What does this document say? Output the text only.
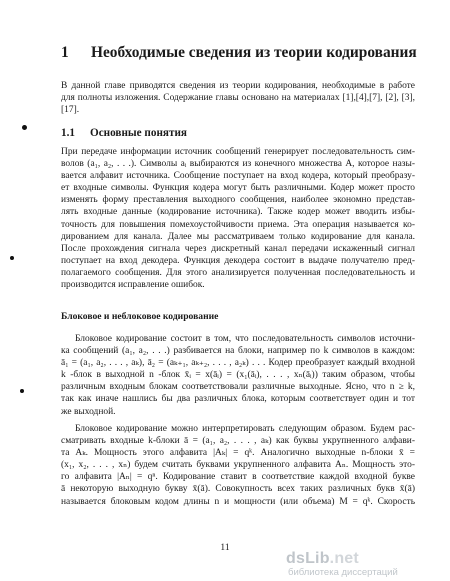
1 Необходимые сведения из теории кодирования
В данной главе приводятся сведения из теории кодирования, необходимые в работе
для полноты изложения. Содержание главы основано на материалах [1],[4],[7], [2], [3],
[17].
1.1 Основные понятия
При передаче информации источник сообщений генерирует последовательность сим-
волов (a₁, a₂, . . .). Символы aᵢ выбираются из конечного множества A, которое назы-
вается алфавит источника. Сообщение поступает на вход кодера, который преобразу-
ет входные символы. Функция кодера могут быть различными. Кодер может просто
изменять форму преставления выходного сообщения, наиболее экономно представ-
лять входные данные (кодирование источника). Также кодер может вводить избы-
точность для повышения помехоустойчивости приема. Эта операция называется ко-
дированием для канала. Далее мы рассматриваем только кодирование для канала.
После прохождения сигнала через дискретный канал передачи искаженный сигнал
поступает на вход декодера. Функция декодера состоит в выдаче получателю пред-
полагаемого сообщения. Для этого анализируется полученная последовательность и
производится исправление ошибок.
Блоковое и неблоковое кодирование
Блоковое кодирование состоит в том, что последовательность символов источни-
ка сообщений (a₁, a₂, . . .) разбивается на блоки, например по k символов в каждом:
ā₁ = (a₁, a₂, . . . , aₖ), ā₂ = (aₖ₊₁, aₖ₊₂, . . . , a₂ₖ) . . . Кодер преобразует каждый входной
k -блок в выходной n -блок x̄ᵢ = x(āᵢ) = (x₁(āᵢ), . . . , xₙ(āᵢ)) таким образом, чтобы
различным входным блокам соответствовали различные выходные. Ясно, что n ≥ k,
так как иначе нашлись бы два различных блока, которым соответствует один и тот
же выходной.
Блоковое кодирование можно интерпретировать следующим образом. Будем рас-
сматривать входные k-блоки ā = (a₁, a₂, . . . , aₖ) как буквы укрупненного алфави-
та Aₖ. Мощность этого алфавита |Aₖ| = qᵏ. Аналогично выходные n-блоки x̄ =
(x₁, x₂, . . . , xₙ) будем считать буквами укрупненного алфавита Aₙ. Мощность это-
го алфавита |Aₙ| = qⁿ. Кодирование ставит в соответствие каждой входной букве
ā некоторую выходную букву x̄(ā). Совокупность всех таких различных букв x̄(ā)
называется блоковым кодом длины n и мощности (или объема) M = qᵏ. Скорость
11
dsLib.net
библиотека диссертаций
